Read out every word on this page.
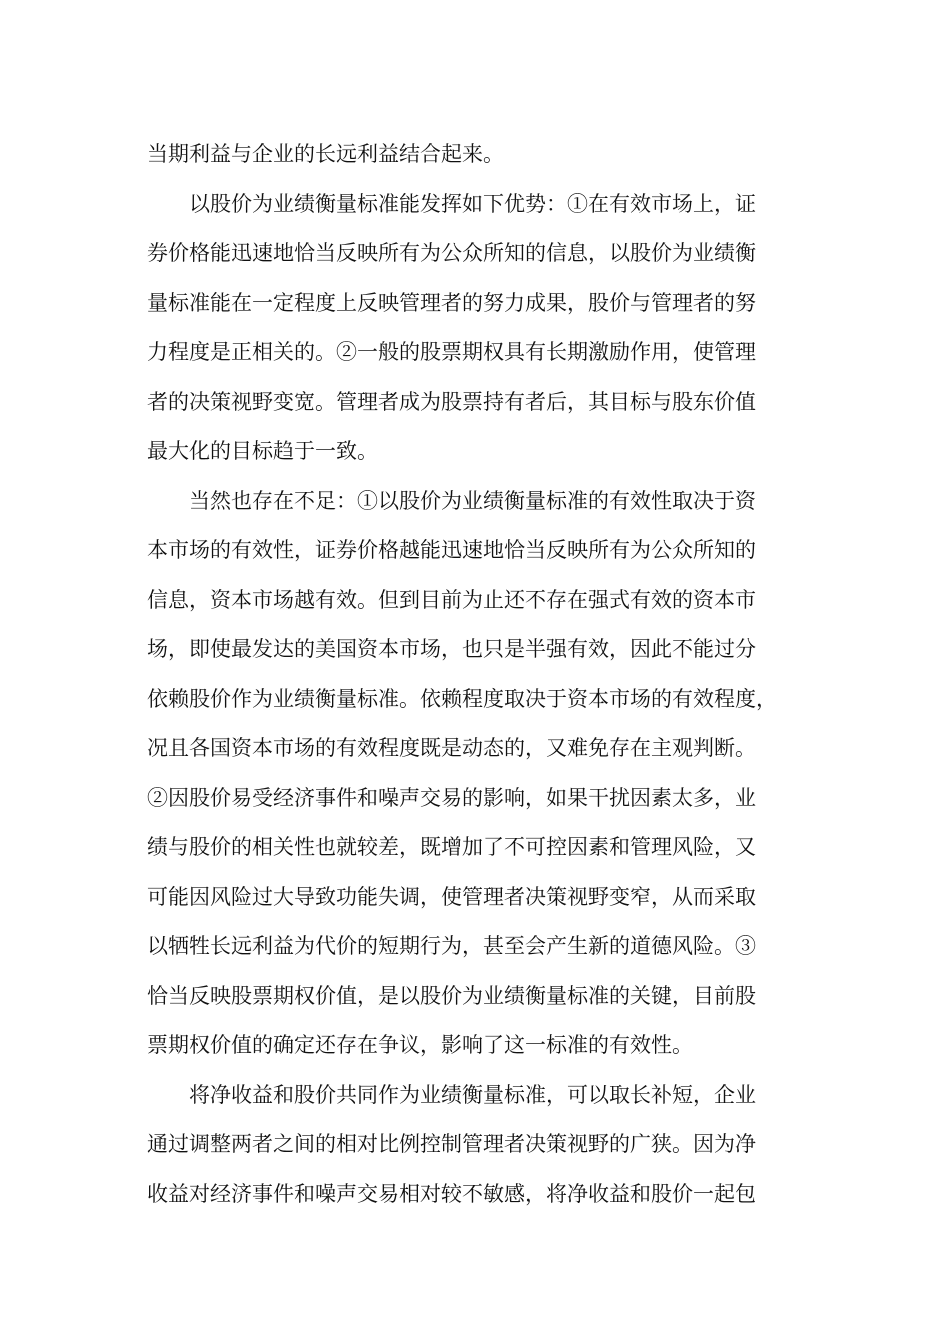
当期利益与企业的长远利益结合起来。
以股价为业绩衡量标准能发挥如下优势：①在有效市场上，证
券价格能迅速地恰当反映所有为公众所知的信息，以股价为业绩衡
量标准能在一定程度上反映管理者的努力成果，股价与管理者的努
力程度是正相关的。②一般的股票期权具有长期激励作用，使管理
者的决策视野变宽。管理者成为股票持有者后，其目标与股东价值
最大化的目标趋于一致。
当然也存在不足：①以股价为业绩衡量标准的有效性取决于资
本市场的有效性，证券价格越能迅速地恰当反映所有为公众所知的
信息，资本市场越有效。但到目前为止还不存在强式有效的资本市
场，即使最发达的美国资本市场，也只是半强有效，因此不能过分
依赖股价作为业绩衡量标准。依赖程度取决于资本市场的有效程度，
况且各国资本市场的有效程度既是动态的，又难免存在主观判断。
②因股价易受经济事件和噪声交易的影响，如果干扰因素太多，业
绩与股价的相关性也就较差，既增加了不可控因素和管理风险，又
可能因风险过大导致功能失调，使管理者决策视野变窄，从而采取
以牺牲长远利益为代价的短期行为，甚至会产生新的道德风险。③
恰当反映股票期权价值，是以股价为业绩衡量标准的关键，目前股
票期权价值的确定还存在争议，影响了这一标准的有效性。
将净收益和股价共同作为业绩衡量标准，可以取长补短，企业
通过调整两者之间的相对比例控制管理者决策视野的广狭。因为净
收益对经济事件和噪声交易相对较不敏感，将净收益和股价一起包
